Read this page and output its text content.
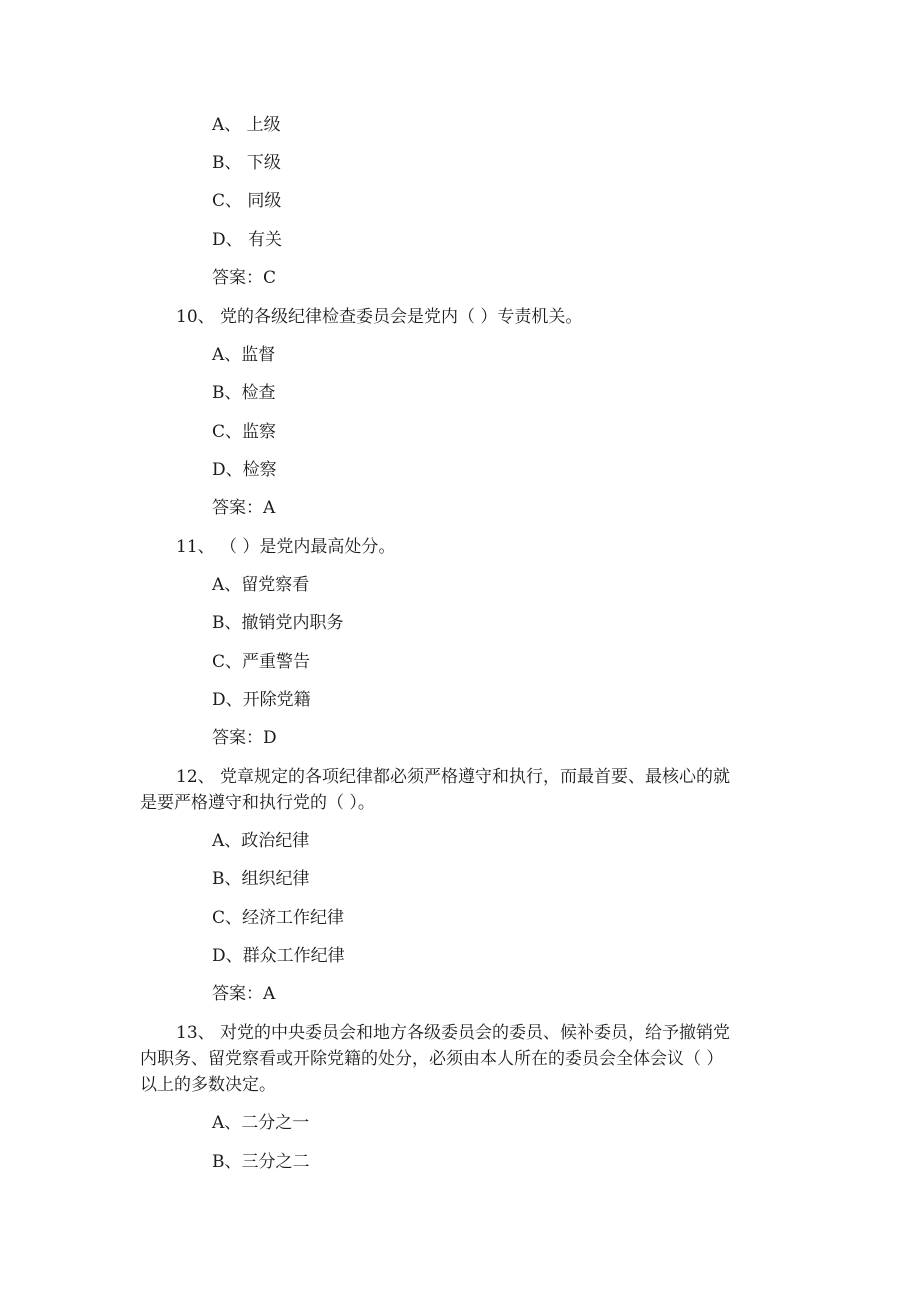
A、 上级
B、 下级
C、 同级
D、 有关
答案：C
10、 党的各级纪律检查委员会是党内（ ）专责机关。
A、监督
B、检查
C、监察
D、检察
答案：A
11、 （ ）是党内最高处分。
A、留党察看
B、撤销党内职务
C、严重警告
D、开除党籍
答案：D
12、 党章规定的各项纪律都必须严格遵守和执行，而最首要、最核心的就
是要严格遵守和执行党的（ ）。
A、政治纪律
B、组织纪律
C、经济工作纪律
D、群众工作纪律
答案：A
13、 对党的中央委员会和地方各级委员会的委员、候补委员，给予撤销党
内职务、留党察看或开除党籍的处分，必须由本人所在的委员会全体会议（ ）
以上的多数决定。
A、二分之一
B、三分之二
